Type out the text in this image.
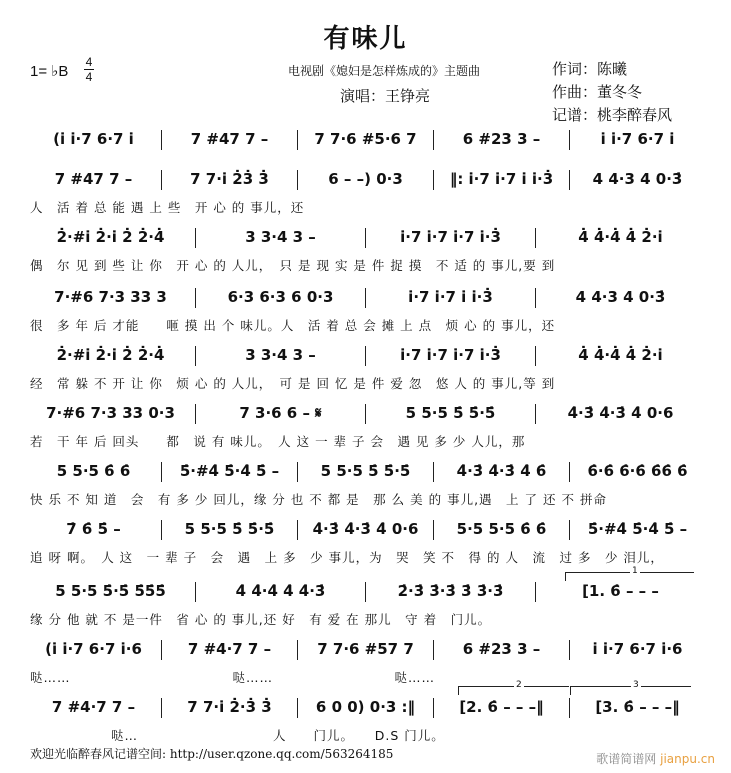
有味儿
1= ♭B
4
4	电视剧《媳妇是怎样炼成的》主题曲
演唱：王铮亮
作词：陈曦
作曲：董冬冬
记谱：桃李醉春风
(i̇ i̇·7 6·7 i̇	7 #47 7 –	7 7·6 #5·6 7	6 #23 3 –	i̇ i̇·7 6·7 i̇
7 #47 7 –	7 7·i̇ 2̇3̇ 3̇	6 – –) 0·3	‖: i̇·7 i̇·7 i̇ i̇·3̇	4 4·3 4 0·3̇
人　活 着 总 能 遇 上 些　开 心 的 事儿，还
2̇·#i̇ 2̇·i̇ 2̇ 2̇·4̇	3 3·4 3 –	i̇·7 i̇·7 i̇·7 i̇·3̇	4̇ 4̇·4̇ 4̇ 2̇·i̇
偶　尔 见 到 些 让 你　开 心 的 人儿，　只 是 现 实 是 件 捉 摸　不 适 的 事儿,要 到
7·#6 7·3 33 3	6·3 6·3 6 0·3	i̇·7 i̇·7 i̇ i̇·3̇	4 4·3 4 0·3̇
很　多 年 后 才能　　咂 摸 出 个 味儿。人　活 着 总 会 摊 上 点　烦 心 的 事儿，还
2̇·#i̇ 2̇·i̇ 2̇ 2̇·4̇	3 3·4 3 –	i̇·7 i̇·7 i̇·7 i̇·3̇	4̇ 4̇·4̇ 4̇ 2̇·i̇
经　常 躲 不 开 让 你　烦 心 的 人儿，　可 是 回 忆 是 件 爱 忽　悠 人 的 事儿,等 到
7·#6 7·3 33 0·3	7 3·6 6 – 𝄋	5 5·5 5̇ 5̇·5̇	4̇·3̇ 4̇·3̇ 4̇ 0·6
若　干 年 后 回头　　都　说 有 味儿。　人 这 一 辈 子 会　遇 见 多 少 人儿，那
5 5·5 6̇ 6̇	5̇·#4̇ 5̇·4̇ 5̇ –	5 5·5 5̇ 5̇·5̇	4̇·3̇ 4̇·3̇ 4̇ 6̇	6̇·6̇ 6̇·6̇ 6̇6̇ 6̇
快 乐 不 知 道　会　有 多 少 回儿，缘 分 也 不 都 是　那 么 美 的 事儿,遇　上 了 还 不 拼命
7̇ 6̇ 5̇ –	5 5·5 5̇ 5̇·5̇	4̇·3̇ 4̇·3̇ 4̇ 0·6	5·5 5·5 6̇ 6̇	5̇·#4̇ 5̇·4̇ 5̇ –
追 呀 啊。　人 这　一 辈 子　会　遇　上 多　少 事儿，为　哭　笑 不　得 的 人　流　过 多　少 泪儿，
5 5·5 5̇·5̇ 5̇5̇5̇	4̇ 4̇·4̇ 4̇ 4̇·3̇	2̇·3̇ 3̇·3̇ 3̇ 3̇·3̇	[1. 6̇ – – –
缘 分 他 就 不 是一件　省 心 的 事儿,还 好　有 爱 在 那儿　守 着　门儿。
(i̇ i̇·7 6·7 i̇·6	7 #4·7 7 –	7 7·6 #57 7	6 #23 3 –	i̇ i̇·7 6·7 i̇·6
哒……　　　　　　　　　　　　哒……　　　　　　　　　哒……
7 #4·7 7 –	7 7·i̇ 2̇·3̇ 3̇	6 0 0) 0·3 :‖	[2. 6̇ – – –‖	[3. 6̇ – – –‖
　　　　　　哒…　　　　　　　　　　人　　门儿。　　D.S 门儿。
1
2	3
欢迎光临醉春风记谱空间: http://user.qzone.qq.com/563264185	歌谱简谱网 jianpu.cn
